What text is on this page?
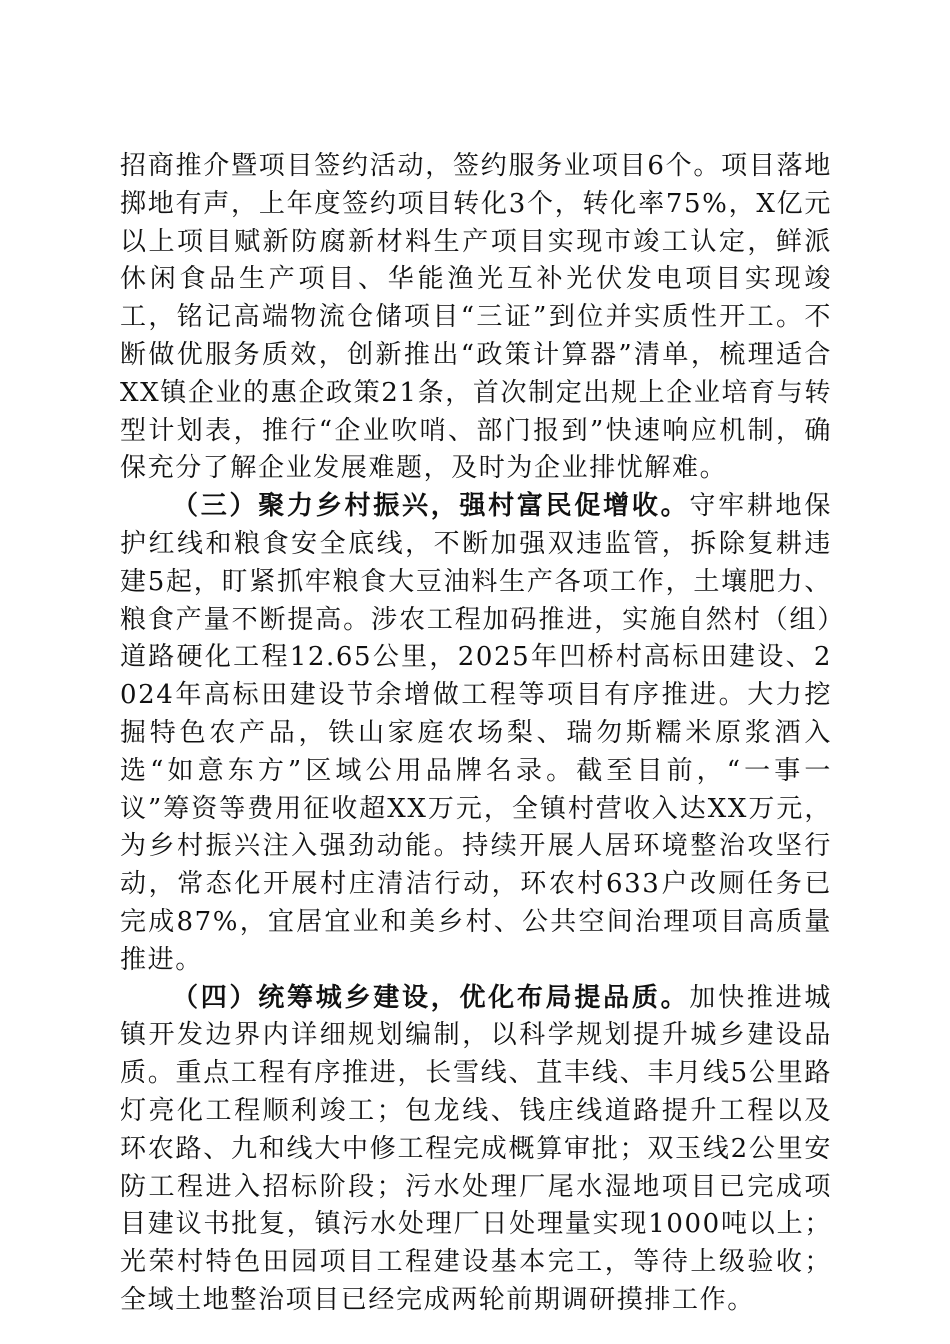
招商推介暨项目签约活动，签约服务业项目6个。项目落地掷地有声，上年度签约项目转化3个，转化率75%，X亿元以上项目赋新防腐新材料生产项目实现市竣工认定，鲜派休闲食品生产项目、华能渔光互补光伏发电项目实现竣工，铭记高端物流仓储项目“三证”到位并实质性开工。不断做优服务质效，创新推出“政策计算器”清单，梳理适合XX镇企业的惠企政策21条，首次制定出规上企业培育与转型计划表，推行“企业吹哨、部门报到”快速响应机制，确保充分了解企业发展难题，及时为企业排忧解难。

（三）聚力乡村振兴，强村富民促增收。守牢耕地保护红线和粮食安全底线，不断加强双违监管，拆除复耕违建5起，盯紧抓牢粮食大豆油料生产各项工作，土壤肥力、粮食产量不断提高。涉农工程加码推进，实施自然村（组）道路硬化工程12.65公里，2025年凹桥村高标田建设、2024年高标田建设节余增做工程等项目有序推进。大力挖掘特色农产品，铁山家庭农场梨、瑞勿斯糯米原浆酒入选“如意东方”区域公用品牌名录。截至目前，“一事一议”筹资等费用征收超XX万元，全镇村营收入达XX万元，为乡村振兴注入强劲动能。持续开展人居环境整治攻坚行动，常态化开展村庄清洁行动，环农村633户改厕任务已完成87%，宜居宜业和美乡村、公共空间治理项目高质量推进。

（四）统筹城乡建设，优化布局提品质。加快推进城镇开发边界内详细规划编制，以科学规划提升城乡建设品质。重点工程有序推进，长雪线、苴丰线、丰月线5公里路灯亮化工程顺利竣工；包龙线、钱庄线道路提升工程以及环农路、九和线大中修工程完成概算审批；双玉线2公里安防工程进入招标阶段；污水处理厂尾水湿地项目已完成项目建议书批复，镇污水处理厂日处理量实现1000吨以上；光荣村特色田园项目工程建设基本完工，等待上级验收；全域土地整治项目已经完成两轮前期调研摸排工作。
